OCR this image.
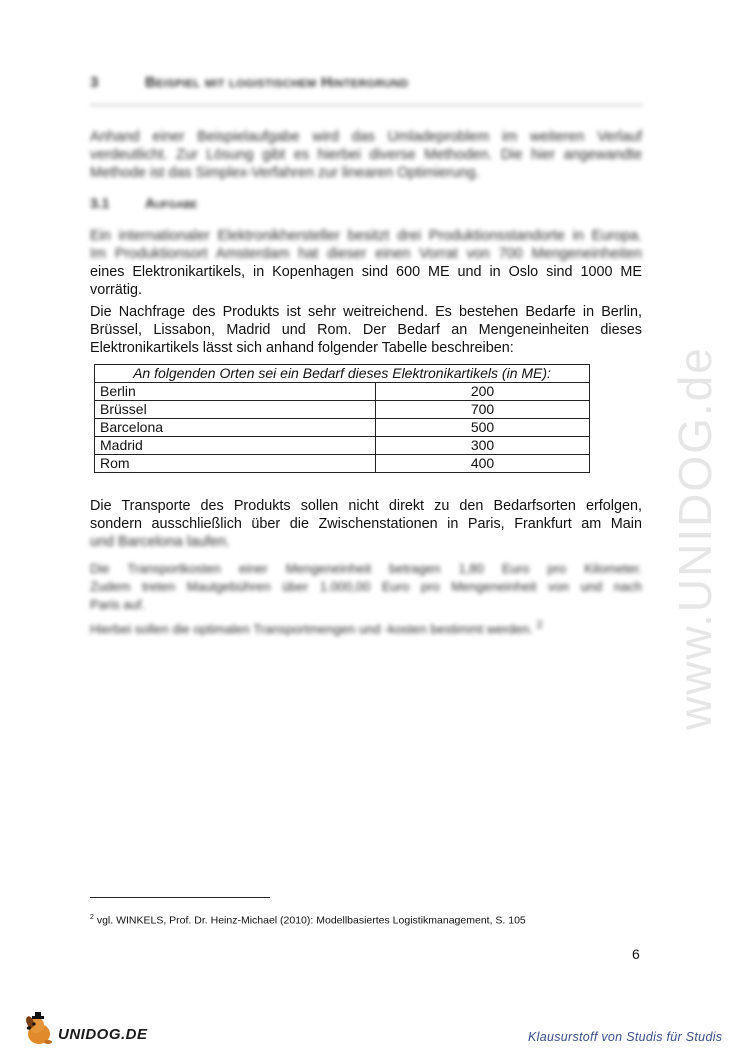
3	Beispiel mit logistischem Hintergrund

Anhand einer Beispielaufgabe wird das Umladeproblem im weiteren Verlauf
verdeutlicht. Zur Lösung gibt es hierbei diverse Methoden. Die hier angewandte
Methode ist das Simplex-Verfahren zur linearen Optimierung.

3.1	Aufgabe

Ein internationaler Elektronikhersteller besitzt drei Produktionsstandorte in Europa.
Im Produktionsort Amsterdam hat dieser einen Vorrat von 700 Mengeneinheiten
eines Elektronikartikels, in Kopenhagen sind 600 ME und in Oslo sind 1000 ME
vorrätig.

Die Nachfrage des Produkts ist sehr weitreichend. Es bestehen Bedarfe in Berlin,
Brüssel, Lissabon, Madrid und Rom. Der Bedarf an Mengeneinheiten dieses
Elektronikartikels lässt sich anhand folgender Tabelle beschreiben:

An folgenden Orten sei ein Bedarf dieses Elektronikartikels (in ME):	
Berlin	200
Brüssel	700
Barcelona	500
Madrid	300
Rom	400

Die Transporte des Produkts sollen nicht direkt zu den Bedarfsorten erfolgen,
sondern ausschließlich über die Zwischenstationen in Paris, Frankfurt am Main
und Barcelona laufen.

Die Transportkosten einer Mengeneinheit betragen 1,80 Euro pro Kilometer.
Zudem treten Mautgebühren über 1.000,00 Euro pro Mengeneinheit von und nach
Paris auf.

Hierbei sollen die optimalen Transportmengen und -kosten bestimmt werden. $^2$	www.UNIDOG.de
$^2$ vgl. WINKELS, Prof. Dr. Heinz-Michael (2010): Modellbasiertes Logistikmanagement, S. 105
6
UNIDOG.DE	Klausurstoff von Studis für Studis
